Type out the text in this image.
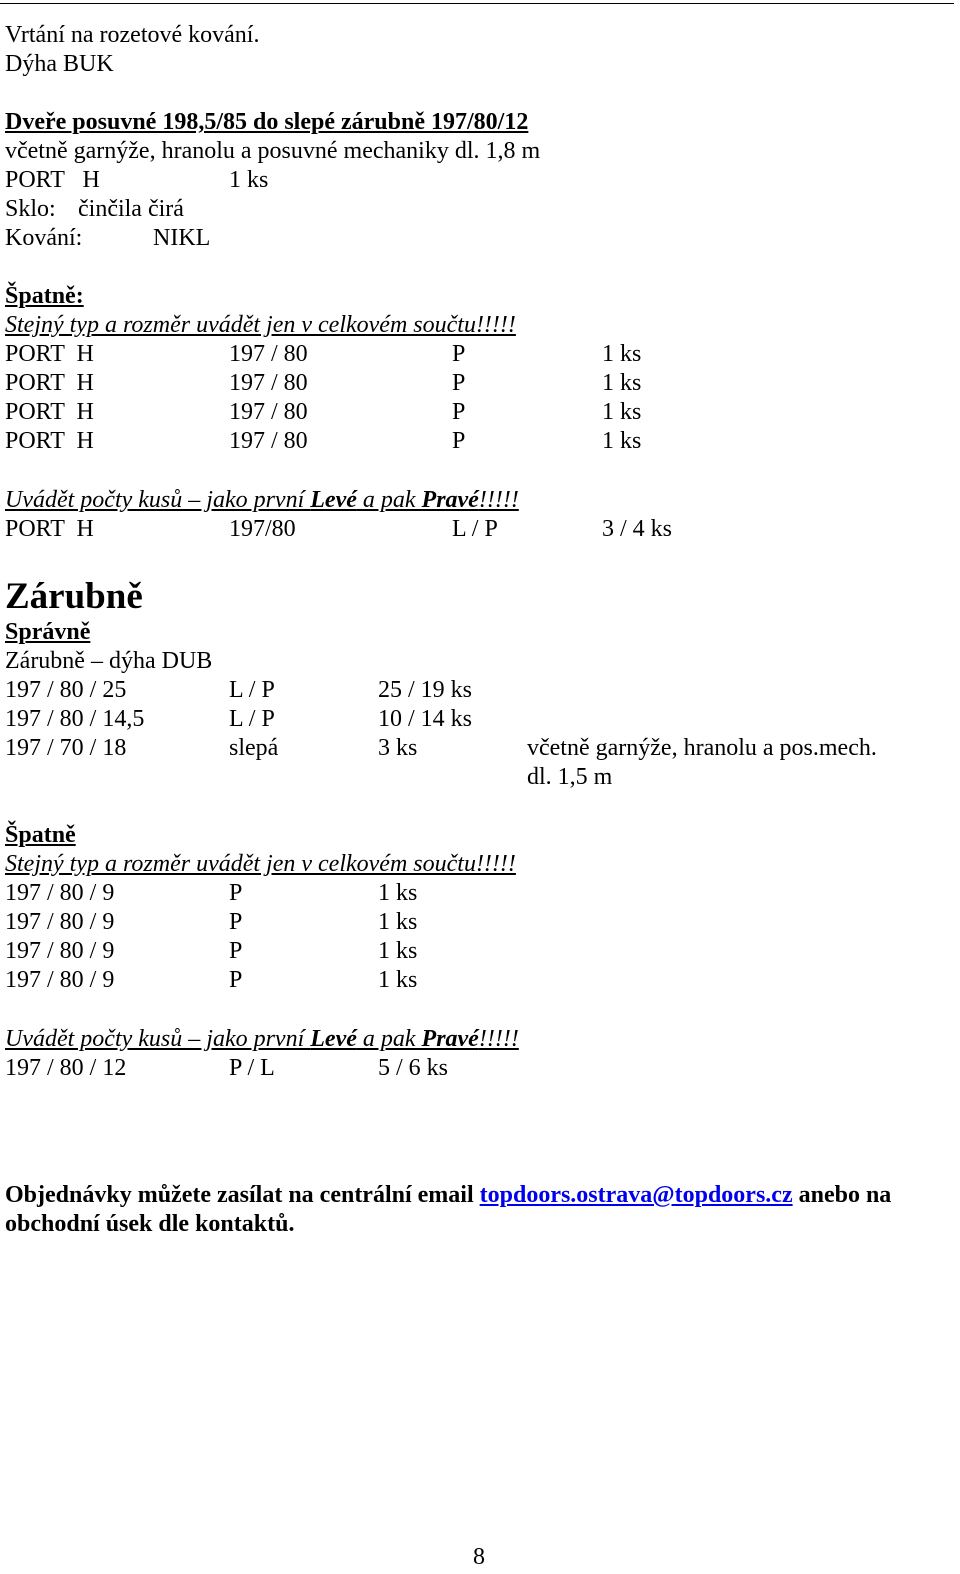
Vrtání na rozetové kování.
Dýha BUK
Dveře posuvné 198,5/85 do slepé zárubně 197/80/12
včetně garnýže, hranolu a posuvné mechaniky dl. 1,8 m
PORT   H	1 ks
Sklo: činčila čirá
Kování:	NIKL
Špatně:
Stejný typ a rozměr uvádět jen v celkovém součtu!!!!!
PORT  H	197 / 80	P	1 ks
PORT  H	197 / 80	P	1 ks
PORT  H	197 / 80	P	1 ks
PORT  H	197 / 80	P	1 ks
Uvádět počty kusů – jako první Levé a pak Pravé!!!!!
PORT  H	197/80	L / P	3 / 4 ks
Zárubně
Správně
Zárubně – dýha DUB
197 / 80 / 25	L / P	25 / 19 ks
197 / 80 / 14,5	L / P	10 / 14 ks
197 / 70 / 18	slepá	3 ks	včetně garnýže, hranolu a pos.mech.
dl. 1,5 m
Špatně
Stejný typ a rozměr uvádět jen v celkovém součtu!!!!!
197 / 80 / 9	P	1 ks
197 / 80 / 9	P	1 ks
197 / 80 / 9	P	1 ks
197 / 80 / 9	P	1 ks
Uvádět počty kusů – jako první Levé a pak Pravé!!!!!
197 / 80 / 12	P / L	5 / 6 ks
Objednávky můžete zasílat na centrální email topdoors.ostrava@topdoors.cz anebo na
obchodní úsek dle kontaktů.
8
